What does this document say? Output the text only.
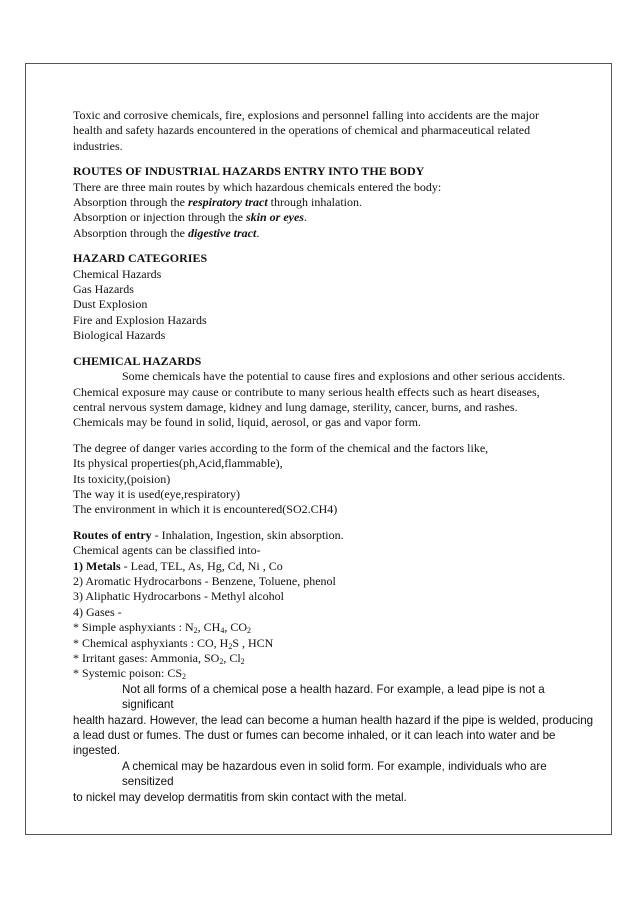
Toxic and corrosive chemicals, fire, explosions and personnel falling into accidents are the major

health and safety hazards encountered in the operations of chemical and pharmaceutical related

industries.

ROUTES OF INDUSTRIAL HAZARDS ENTRY INTO THE BODY

There are three main routes by which hazardous chemicals entered the body:

Absorption through the respiratory tract through inhalation.

Absorption or injection through the skin or eyes.

Absorption through the digestive tract.

HAZARD CATEGORIES

Chemical Hazards
Gas Hazards
Dust Explosion
Fire and Explosion Hazards
Biological Hazards

CHEMICAL HAZARDS

Some chemicals have the potential to cause fires and explosions and other serious accidents.

Chemical exposure may cause or contribute to many serious health effects such as heart diseases,

central nervous system damage, kidney and lung damage, sterility, cancer, burns, and rashes.

Chemicals may be found in solid, liquid, aerosol, or gas and vapor form.

The degree of danger varies according to the form of the chemical and the factors like,

Its physical properties(ph,Acid,flammable),
Its toxicity,(poision)
The way it is used(eye,respiratory)
The environment in which it is encountered(SO2.CH4)

Routes of entry - Inhalation, Ingestion, skin absorption.

Chemical agents can be classified into-

1) Metals - Lead, TEL, As, Hg, Cd, Ni , Co

2) Aromatic Hydrocarbons - Benzene, Toluene, phenol

3) Aliphatic Hydrocarbons - Methyl alcohol

4) Gases -

* Simple asphyxiants : $N_2$, $CH_4$, $CO_2$

* Chemical asphyxiants : CO, $H_2S$ , HCN

* Irritant gases: Ammonia, $SO_2$, $Cl_2$

* Systemic poison: $CS_2$

Not all forms of a chemical pose a health hazard. For example, a lead pipe is not a significant

health hazard. However, the lead can become a human health hazard if the pipe is welded, producing

a lead dust or fumes. The dust or fumes can become inhaled, or it can leach into water and be

ingested.

A chemical may be hazardous even in solid form. For example, individuals who are sensitized

to nickel may develop dermatitis from skin contact with the metal.
